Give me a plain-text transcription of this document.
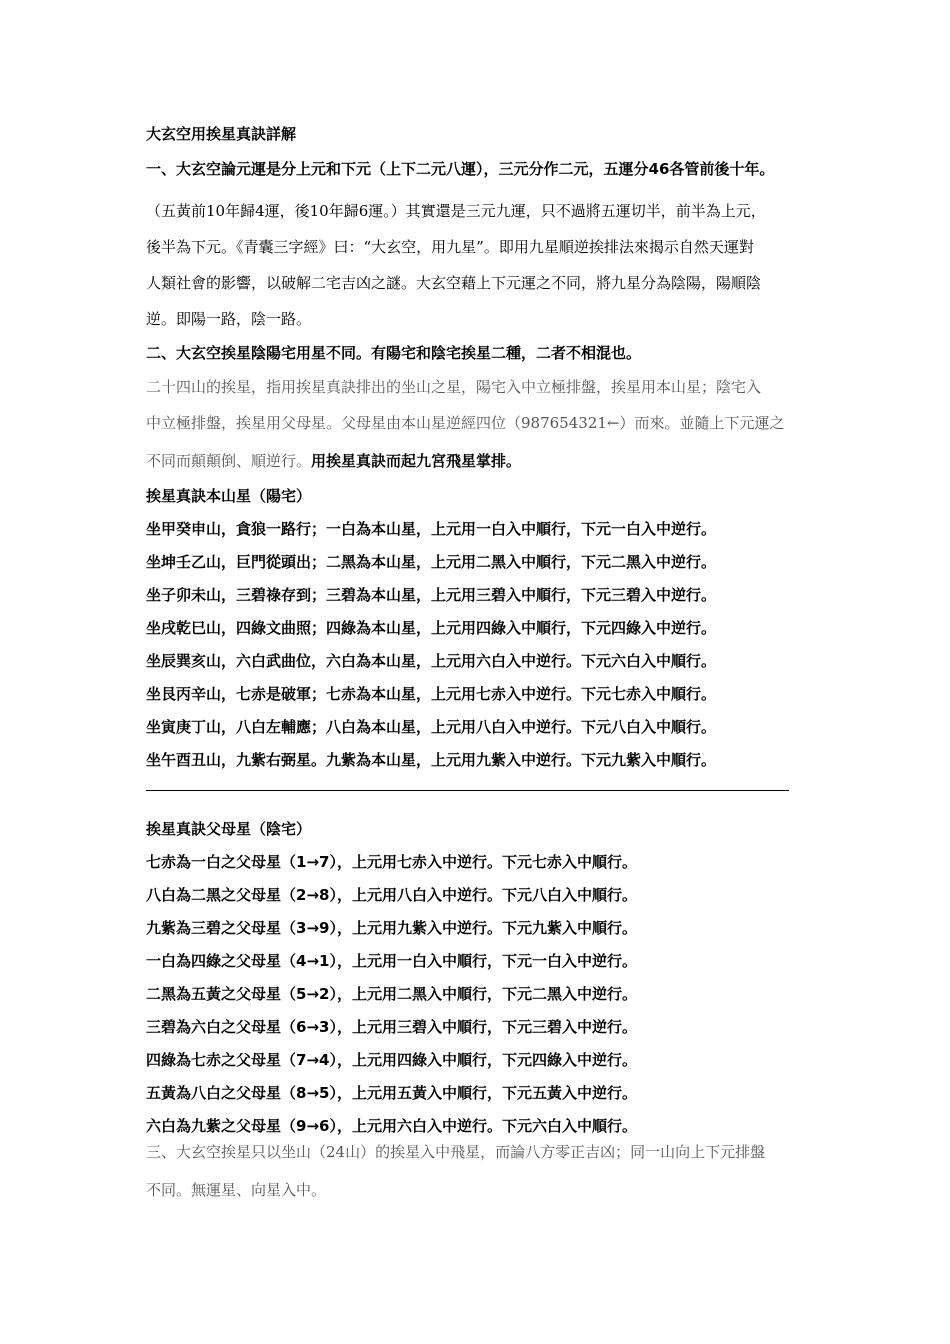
大玄空用挨星真訣詳解
一、大玄空論元運是分上元和下元（上下二元八運），三元分作二元，五運分46各管前後十年。
（五黃前10年歸4運，後10年歸6運。）其實還是三元九運，只不過將五運切半，前半為上元，
後半為下元。《青囊三字經》曰：“大玄空，用九星”。即用九星順逆挨排法來揭示自然天運對
人類社會的影響，以破解二宅吉凶之謎。大玄空藉上下元運之不同，將九星分為陰陽，陽順陰
逆。即陽一路，陰一路。
二、大玄空挨星陰陽宅用星不同。有陽宅和陰宅挨星二種，二者不相混也。
二十四山的挨星，指用挨星真訣排出的坐山之星，陽宅入中立極排盤，挨星用本山星；陰宅入
中立極排盤，挨星用父母星。父母星由本山星逆經四位（987654321←）而來。並隨上下元運之
不同而顛顛倒、順逆行。用挨星真訣而起九宮飛星掌排。
挨星真訣本山星（陽宅）
坐甲癸申山，貪狼一路行；一白為本山星，上元用一白入中順行，下元一白入中逆行。
坐坤壬乙山，巨門從頭出；二黑為本山星，上元用二黑入中順行，下元二黑入中逆行。
坐子卯未山，三碧祿存到；三碧為本山星，上元用三碧入中順行，下元三碧入中逆行。
坐戌乾巳山，四綠文曲照；四綠為本山星，上元用四綠入中順行，下元四綠入中逆行。
坐辰巽亥山，六白武曲位，六白為本山星，上元用六白入中逆行。下元六白入中順行。
坐艮丙辛山，七赤是破軍；七赤為本山星，上元用七赤入中逆行。下元七赤入中順行。
坐寅庚丁山，八白左輔應；八白為本山星，上元用八白入中逆行。下元八白入中順行。
坐午酉丑山，九紫右弼星。九紫為本山星，上元用九紫入中逆行。下元九紫入中順行。
挨星真訣父母星（陰宅）
七赤為一白之父母星（1→7），上元用七赤入中逆行。下元七赤入中順行。
八白為二黑之父母星（2→8），上元用八白入中逆行。下元八白入中順行。
九紫為三碧之父母星（3→9），上元用九紫入中逆行。下元九紫入中順行。
一白為四綠之父母星（4→1），上元用一白入中順行，下元一白入中逆行。
二黑為五黃之父母星（5→2），上元用二黑入中順行，下元二黑入中逆行。
三碧為六白之父母星（6→3），上元用三碧入中順行，下元三碧入中逆行。
四綠為七赤之父母星（7→4），上元用四綠入中順行，下元四綠入中逆行。
五黃為八白之父母星（8→5），上元用五黃入中順行，下元五黃入中逆行。
六白為九紫之父母星（9→6），上元用六白入中逆行。下元六白入中順行。
三、大玄空挨星只以坐山（24山）的挨星入中飛星，而論八方零正吉凶；同一山向上下元排盤
不同。無運星、向星入中。
